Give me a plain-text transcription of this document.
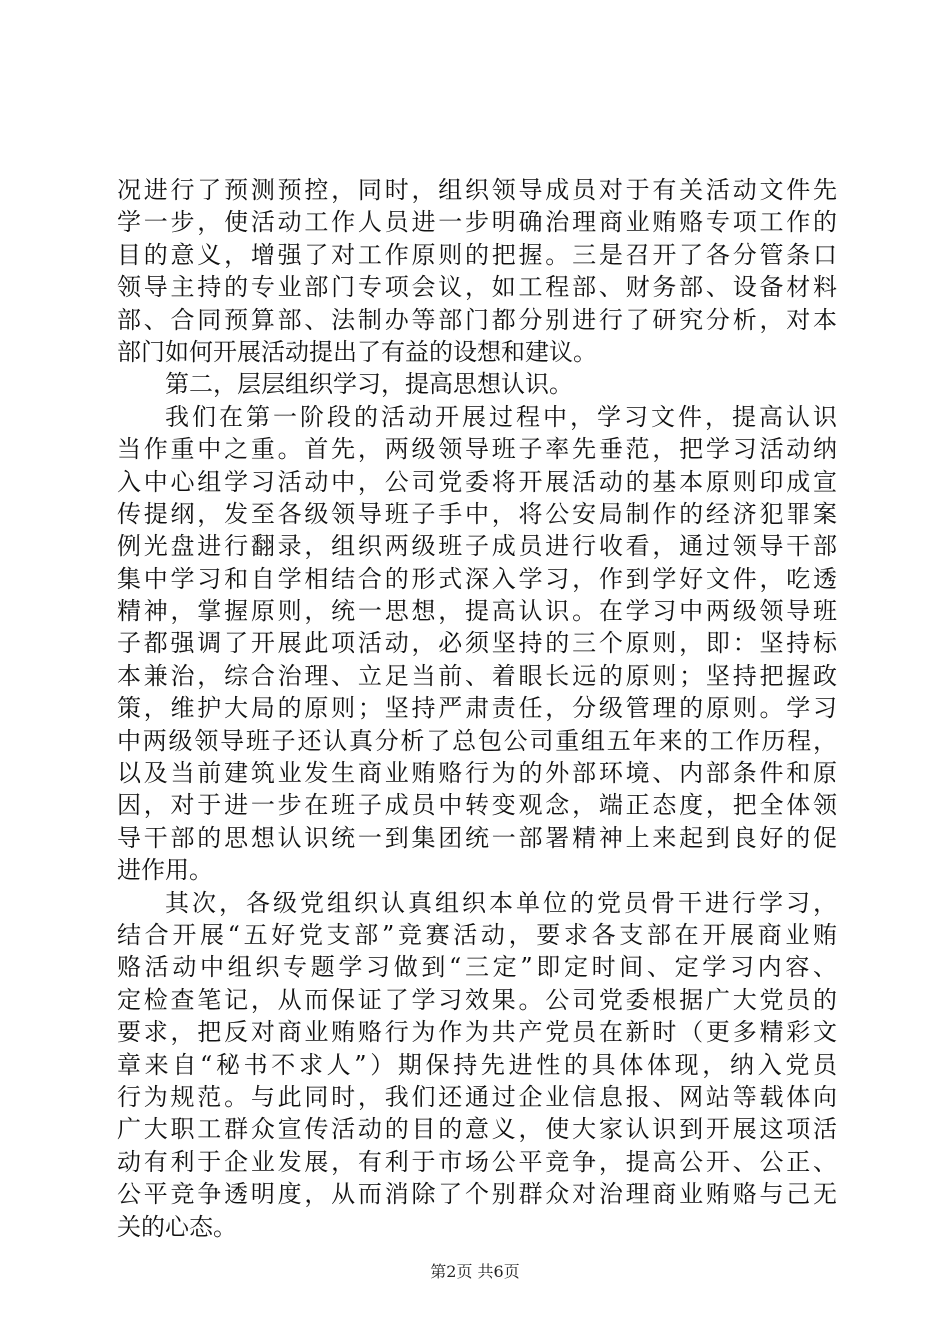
况进行了预测预控，同时，组织领导成员对于有关活动文件先
学一步，使活动工作人员进一步明确治理商业贿赂专项工作的
目的意义，增强了对工作原则的把握。三是召开了各分管条口
领导主持的专业部门专项会议，如工程部、财务部、设备材料
部、合同预算部、法制办等部门都分别进行了研究分析，对本
部门如何开展活动提出了有益的设想和建议。
第二，层层组织学习，提高思想认识。
我们在第一阶段的活动开展过程中，学习文件，提高认识
当作重中之重。首先，两级领导班子率先垂范，把学习活动纳
入中心组学习活动中，公司党委将开展活动的基本原则印成宣
传提纲，发至各级领导班子手中，将公安局制作的经济犯罪案
例光盘进行翻录，组织两级班子成员进行收看，通过领导干部
集中学习和自学相结合的形式深入学习，作到学好文件，吃透
精神，掌握原则，统一思想，提高认识。在学习中两级领导班
子都强调了开展此项活动，必须坚持的三个原则，即：坚持标
本兼治，综合治理、立足当前、着眼长远的原则；坚持把握政
策，维护大局的原则；坚持严肃责任，分级管理的原则。学习
中两级领导班子还认真分析了总包公司重组五年来的工作历程，
以及当前建筑业发生商业贿赂行为的外部环境、内部条件和原
因，对于进一步在班子成员中转变观念，端正态度，把全体领
导干部的思想认识统一到集团统一部署精神上来起到良好的促
进作用。
其次，各级党组织认真组织本单位的党员骨干进行学习，
结合开展“五好党支部”竞赛活动，要求各支部在开展商业贿
赂活动中组织专题学习做到“三定”即定时间、定学习内容、
定检查笔记，从而保证了学习效果。公司党委根据广大党员的
要求，把反对商业贿赂行为作为共产党员在新时（更多精彩文
章来自“秘书不求人”）期保持先进性的具体体现，纳入党员
行为规范。与此同时，我们还通过企业信息报、网站等载体向
广大职工群众宣传活动的目的意义，使大家认识到开展这项活
动有利于企业发展，有利于市场公平竞争，提高公开、公正、
公平竞争透明度，从而消除了个别群众对治理商业贿赂与己无
关的心态。
第2页 共6页
